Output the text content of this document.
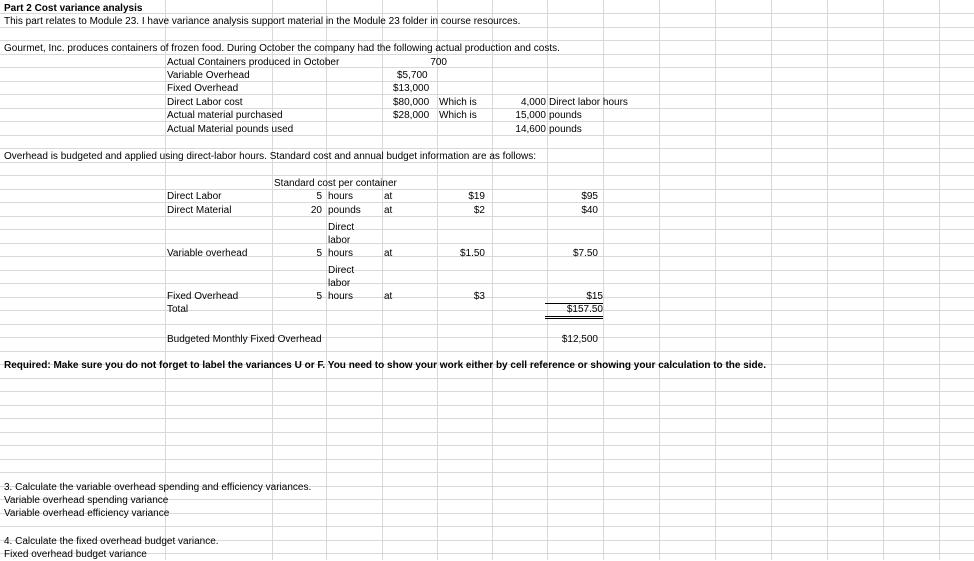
Part 2 Cost variance analysis
This part relates to Module 23. I have variance analysis support material in the Module 23 folder in course resources.
Gourmet, Inc. produces containers of frozen food. During October the company had the following actual production and costs.
Actual Containers produced in October	700
Variable Overhead	$5,700
Fixed Overhead	$13,000
Direct Labor cost	$80,000 Which is	4,000 Direct labor hours
Actual material purchased	$28,000 Which is	15,000 pounds
Actual Material pounds used	14,600 pounds
Overhead is budgeted and applied using direct-labor hours. Standard cost and annual budget information are as follows:
Standard cost per container
Direct Labor	5 hours	at	$19	$95
Direct Material	20 pounds at	$2	$40
Direct
labor
Variable overhead	5 hours	at	$1.50	$7.50
Direct
labor
Fixed Overhead	5 hours	at	$3	$15
Total	$157.50
Budgeted Monthly Fixed Overhead	$12,500
Required: Make sure you do not forget to label the variances U or F. You need to show your work either by cell reference or showing your calculation to the side.
3. Calculate the variable overhead spending and efficiency variances.
Variable overhead spending variance
Variable overhead efficiency variance
4. Calculate the fixed overhead budget variance.
Fixed overhead budget variance
